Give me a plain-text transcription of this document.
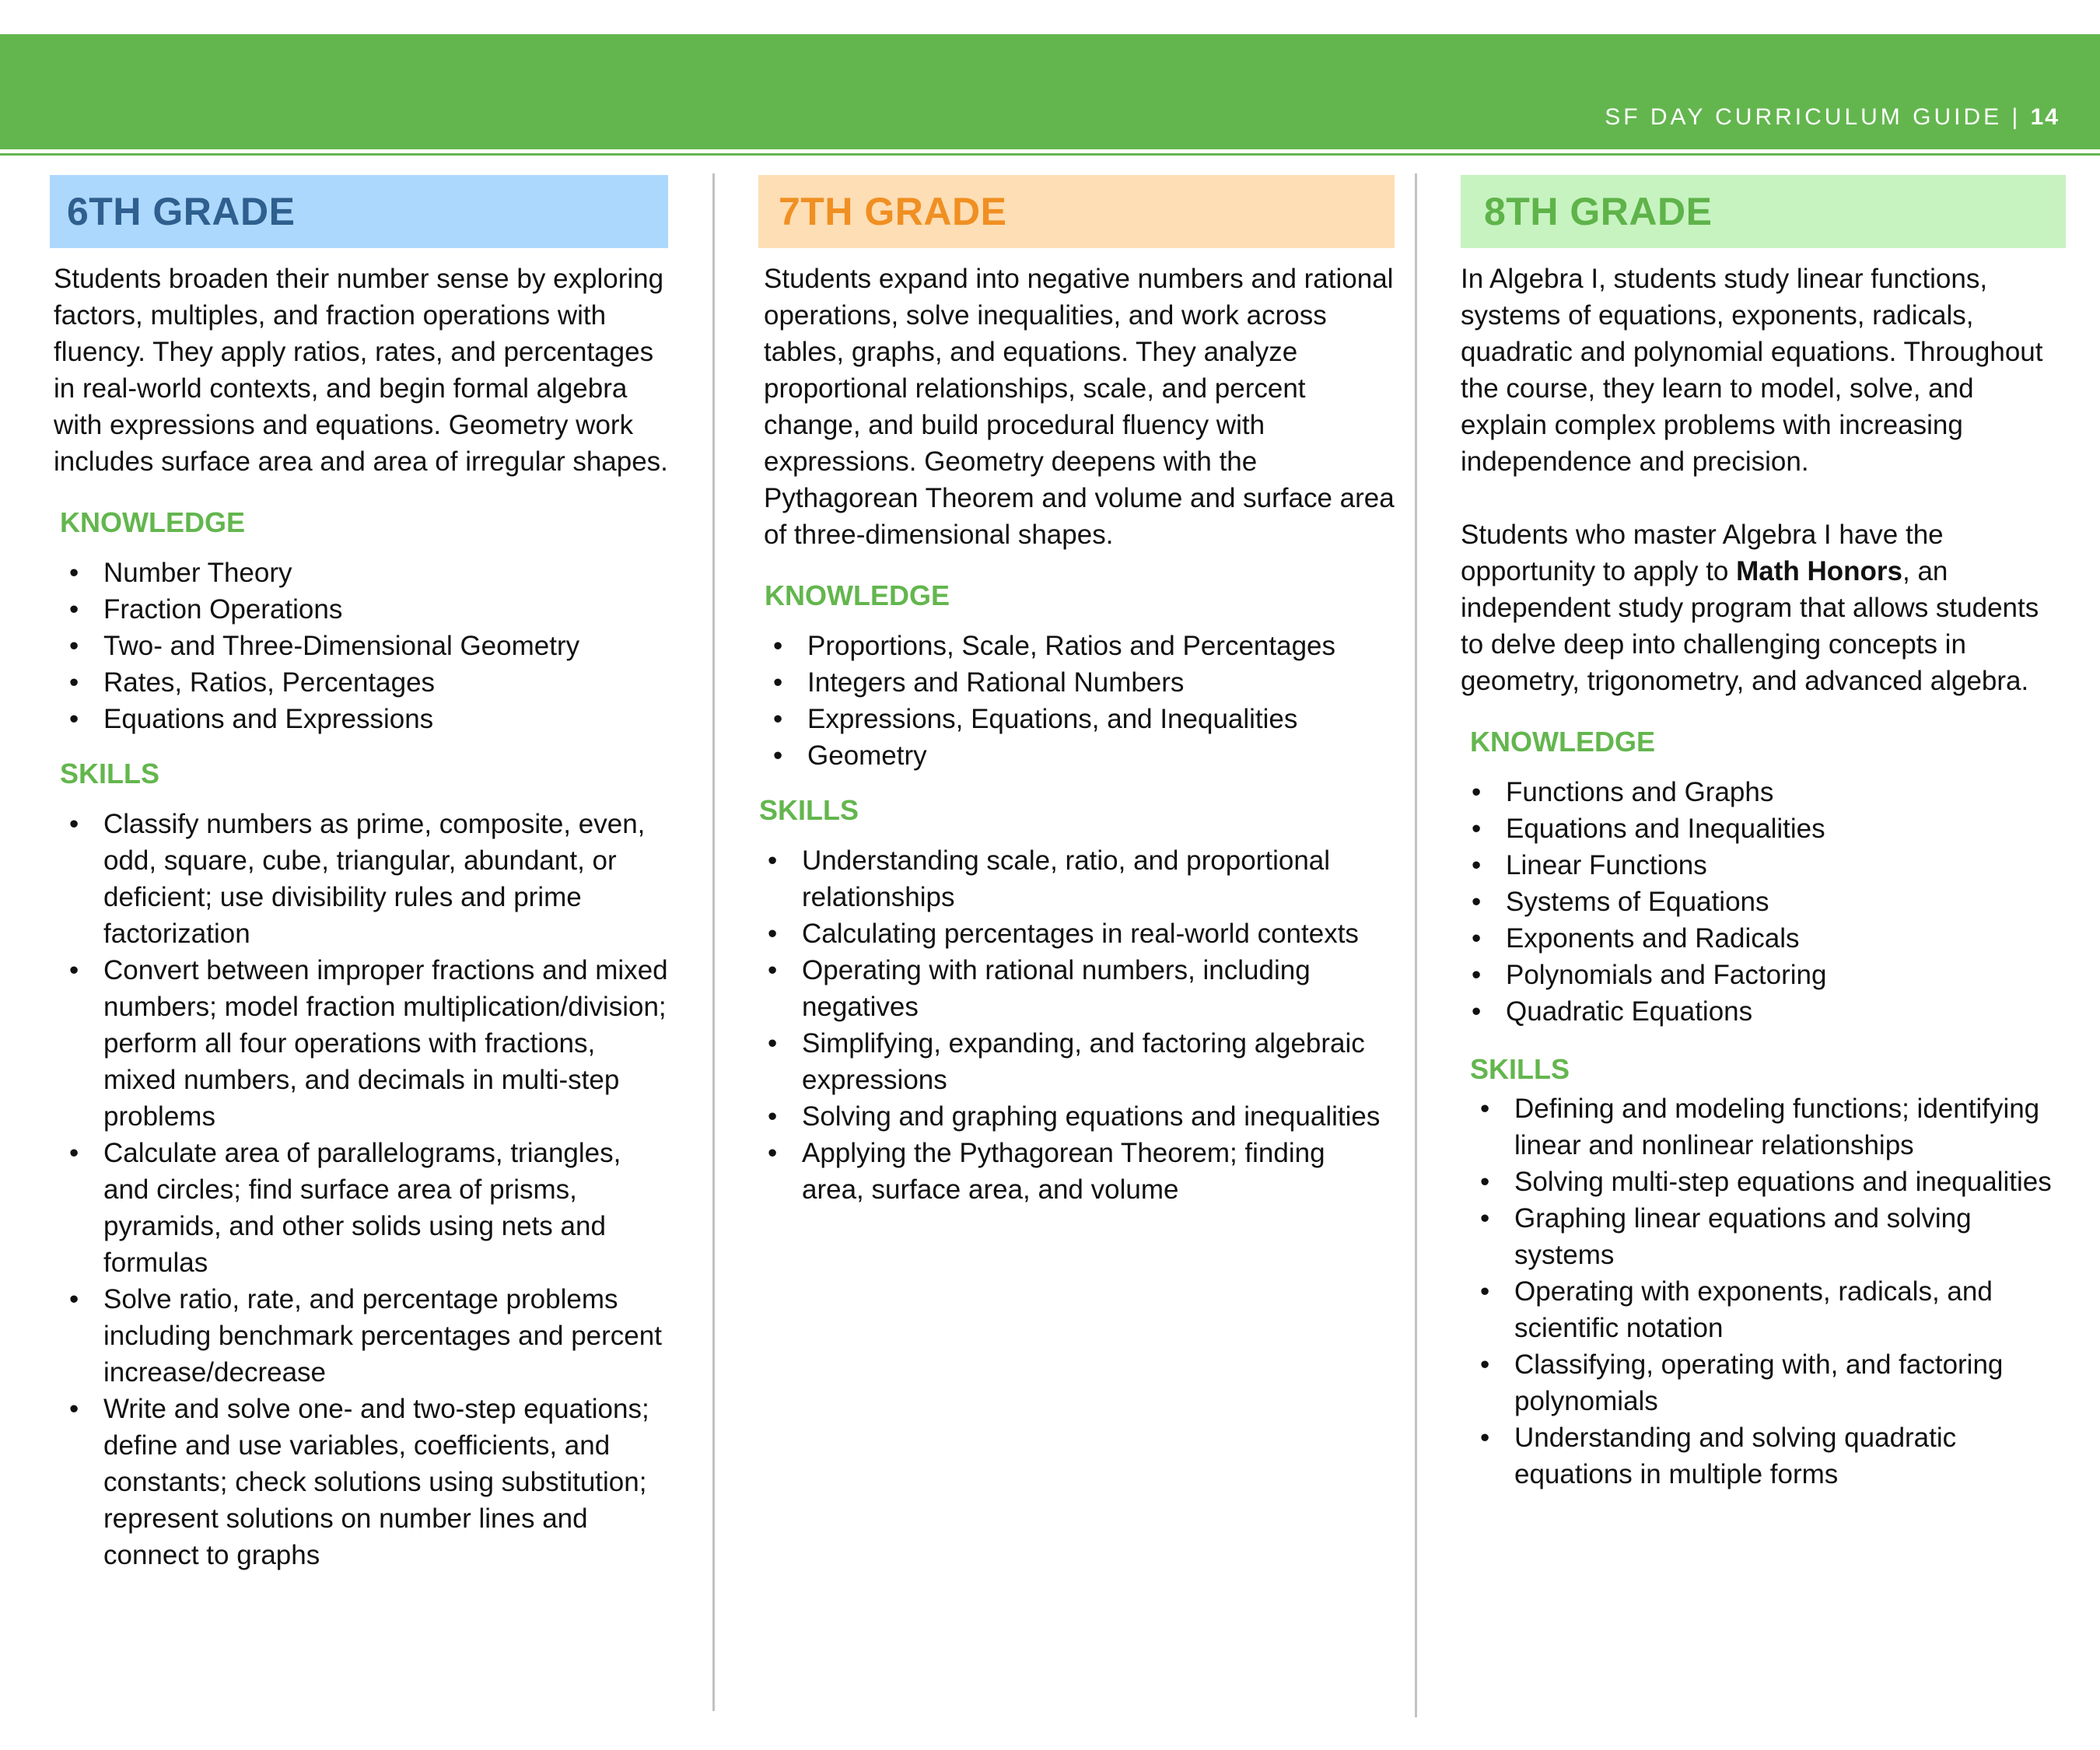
SF DAY CURRICULUM GUIDE | 14
6TH GRADE

Students broaden their number sense by exploring factors, multiples, and fraction operations with fluency. They apply ratios, rates, and percentages in real-world contexts, and begin formal algebra with expressions and equations. Geometry work includes surface area and area of irregular shapes.

KNOWLEDGE
• Number Theory
• Fraction Operations
• Two- and Three-Dimensional Geometry
• Rates, Ratios, Percentages
• Equations and Expressions
SKILLS
• Classify numbers as prime, composite, even, odd, square, cube, triangular, abundant, or deficient; use divisibility rules and prime factorization
• Convert between improper fractions and mixed numbers; model fraction multiplication/division; perform all four operations with fractions, mixed numbers, and decimals in multi-step problems
• Calculate area of parallelograms, triangles, and circles; find surface area of prisms, pyramids, and other solids using nets and formulas
• Solve ratio, rate, and percentage problems including benchmark percentages and percent increase/decrease
• Write and solve one- and two-step equations; define and use variables, coefficients, and constants; check solutions using substitution; represent solutions on number lines and connect to graphs
7TH GRADE

Students expand into negative numbers and rational operations, solve inequalities, and work across tables, graphs, and equations. They analyze proportional relationships, scale, and percent change, and build procedural fluency with expressions. Geometry deepens with the Pythagorean Theorem and volume and surface area of three-dimensional shapes.

KNOWLEDGE
• Proportions, Scale, Ratios and Percentages
• Integers and Rational Numbers
• Expressions, Equations, and Inequalities
• Geometry
SKILLS
• Understanding scale, ratio, and proportional relationships
• Calculating percentages in real-world contexts
• Operating with rational numbers, including negatives
• Simplifying, expanding, and factoring algebraic expressions
• Solving and graphing equations and inequalities
• Applying the Pythagorean Theorem; finding area, surface area, and volume
8TH GRADE

In Algebra I, students study linear functions, systems of equations, exponents, radicals, quadratic and polynomial equations. Throughout the course, they learn to model, solve, and explain complex problems with increasing independence and precision.

Students who master Algebra I have the opportunity to apply to Math Honors, an independent study program that allows students to delve deep into challenging concepts in geometry, trigonometry, and advanced algebra.

KNOWLEDGE
• Functions and Graphs
• Equations and Inequalities
• Linear Functions
• Systems of Equations
• Exponents and Radicals
• Polynomials and Factoring
• Quadratic Equations
SKILLS
• Defining and modeling functions; identifying linear and nonlinear relationships
• Solving multi-step equations and inequalities
• Graphing linear equations and solving systems
• Operating with exponents, radicals, and scientific notation
• Classifying, operating with, and factoring polynomials
• Understanding and solving quadratic equations in multiple forms
